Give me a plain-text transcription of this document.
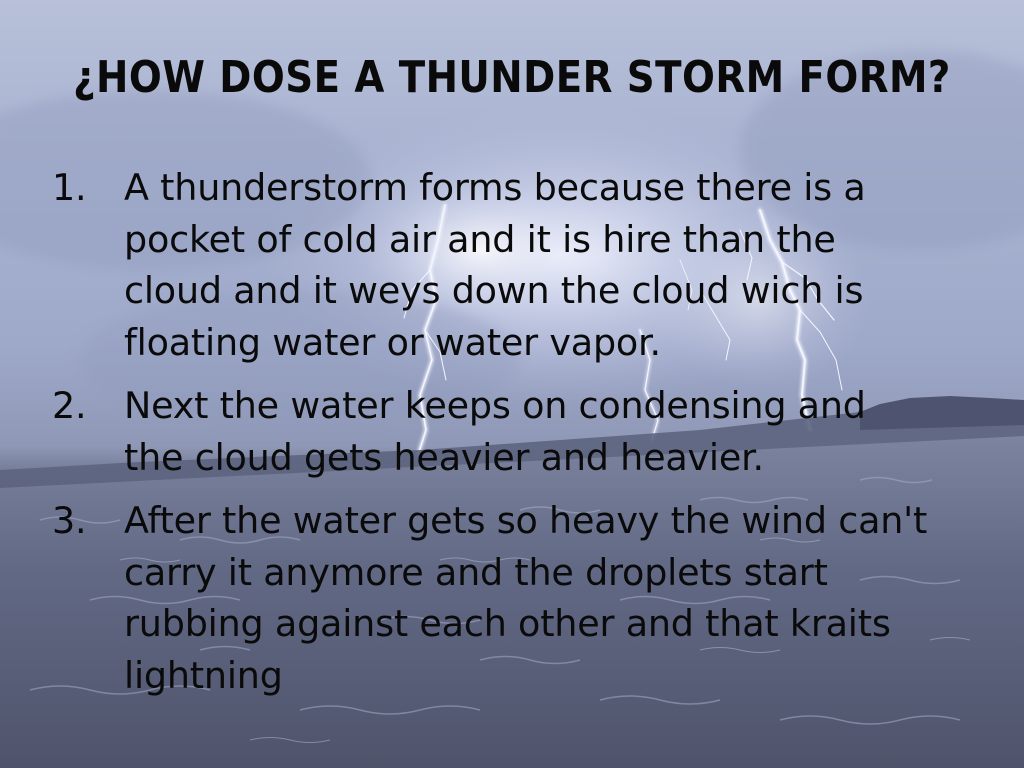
¿HOW DOSE A THUNDER STORM FORM?
1.	A thunderstorm forms because there is a pocket of cold air and it is hire than the cloud and it weys down the cloud wich is floating water or water vapor.
2.	Next the water keeps on condensing and the cloud gets heavier and heavier.
3.	After the water gets so heavy the wind can't carry it anymore and the droplets start rubbing against each other and that kraits lightning
